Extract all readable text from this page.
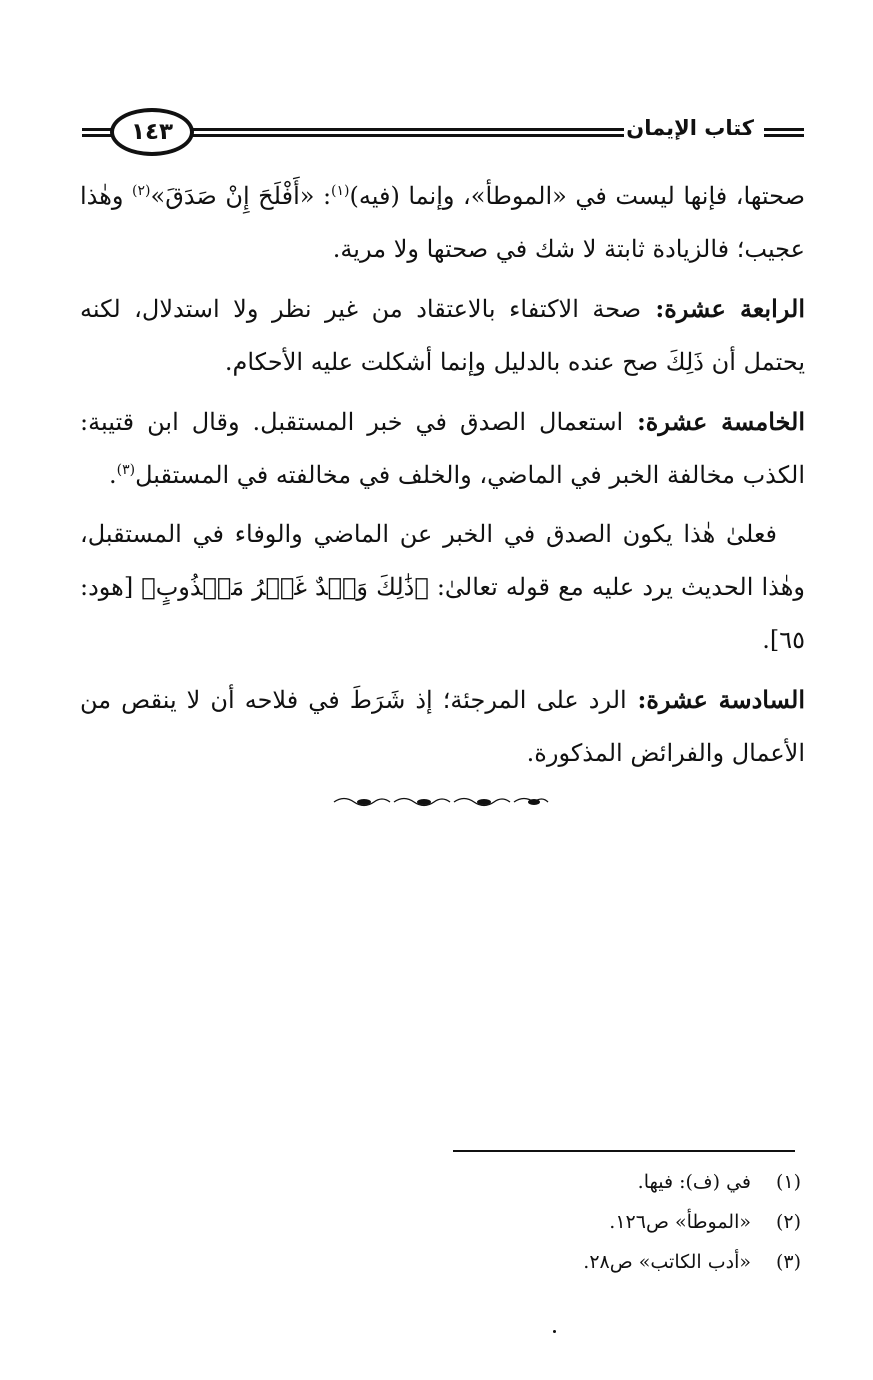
كتاب الإيمان
١٤٣

صحتها، فإنها ليست في «الموطأ»، وإنما (فيه)$^{(١)}$: «أَفْلَحَ إِنْ صَدَقَ»$^{(٢)}$ وهٰذا عجيب؛ فالزيادة ثابتة لا شك في صحتها ولا مرية.

الرابعة عشرة: صحة الاكتفاء بالاعتقاد من غير نظر ولا استدلال، لكنه يحتمل أن ذَلِكَ صح عنده بالدليل وإنما أشكلت عليه الأحكام.

الخامسة عشرة: استعمال الصدق في خبر المستقبل. وقال ابن قتيبة: الكذب مخالفة الخبر في الماضي، والخلف في مخالفته في المستقبل$^{(٣)}$.

فعلىٰ هٰذا يكون الصدق في الخبر عن الماضي والوفاء في المستقبل، وهٰذا الحديث يرد عليه مع قوله تعالىٰ: ﴿ذَٰلِكَ وَعۡدٌ غَيۡرُ مَكۡذُوبٍ﴾ [هود: ٦٥].

السادسة عشرة: الرد على المرجئة؛ إذ شَرَطَ في فلاحه أن لا ينقص من الأعمال والفرائض المذكورة.

(١)
في (ف): فيها.
(٢)
«الموطأ» ص١٢٦.
(٣)
«أدب الكاتب» ص٢٨.
